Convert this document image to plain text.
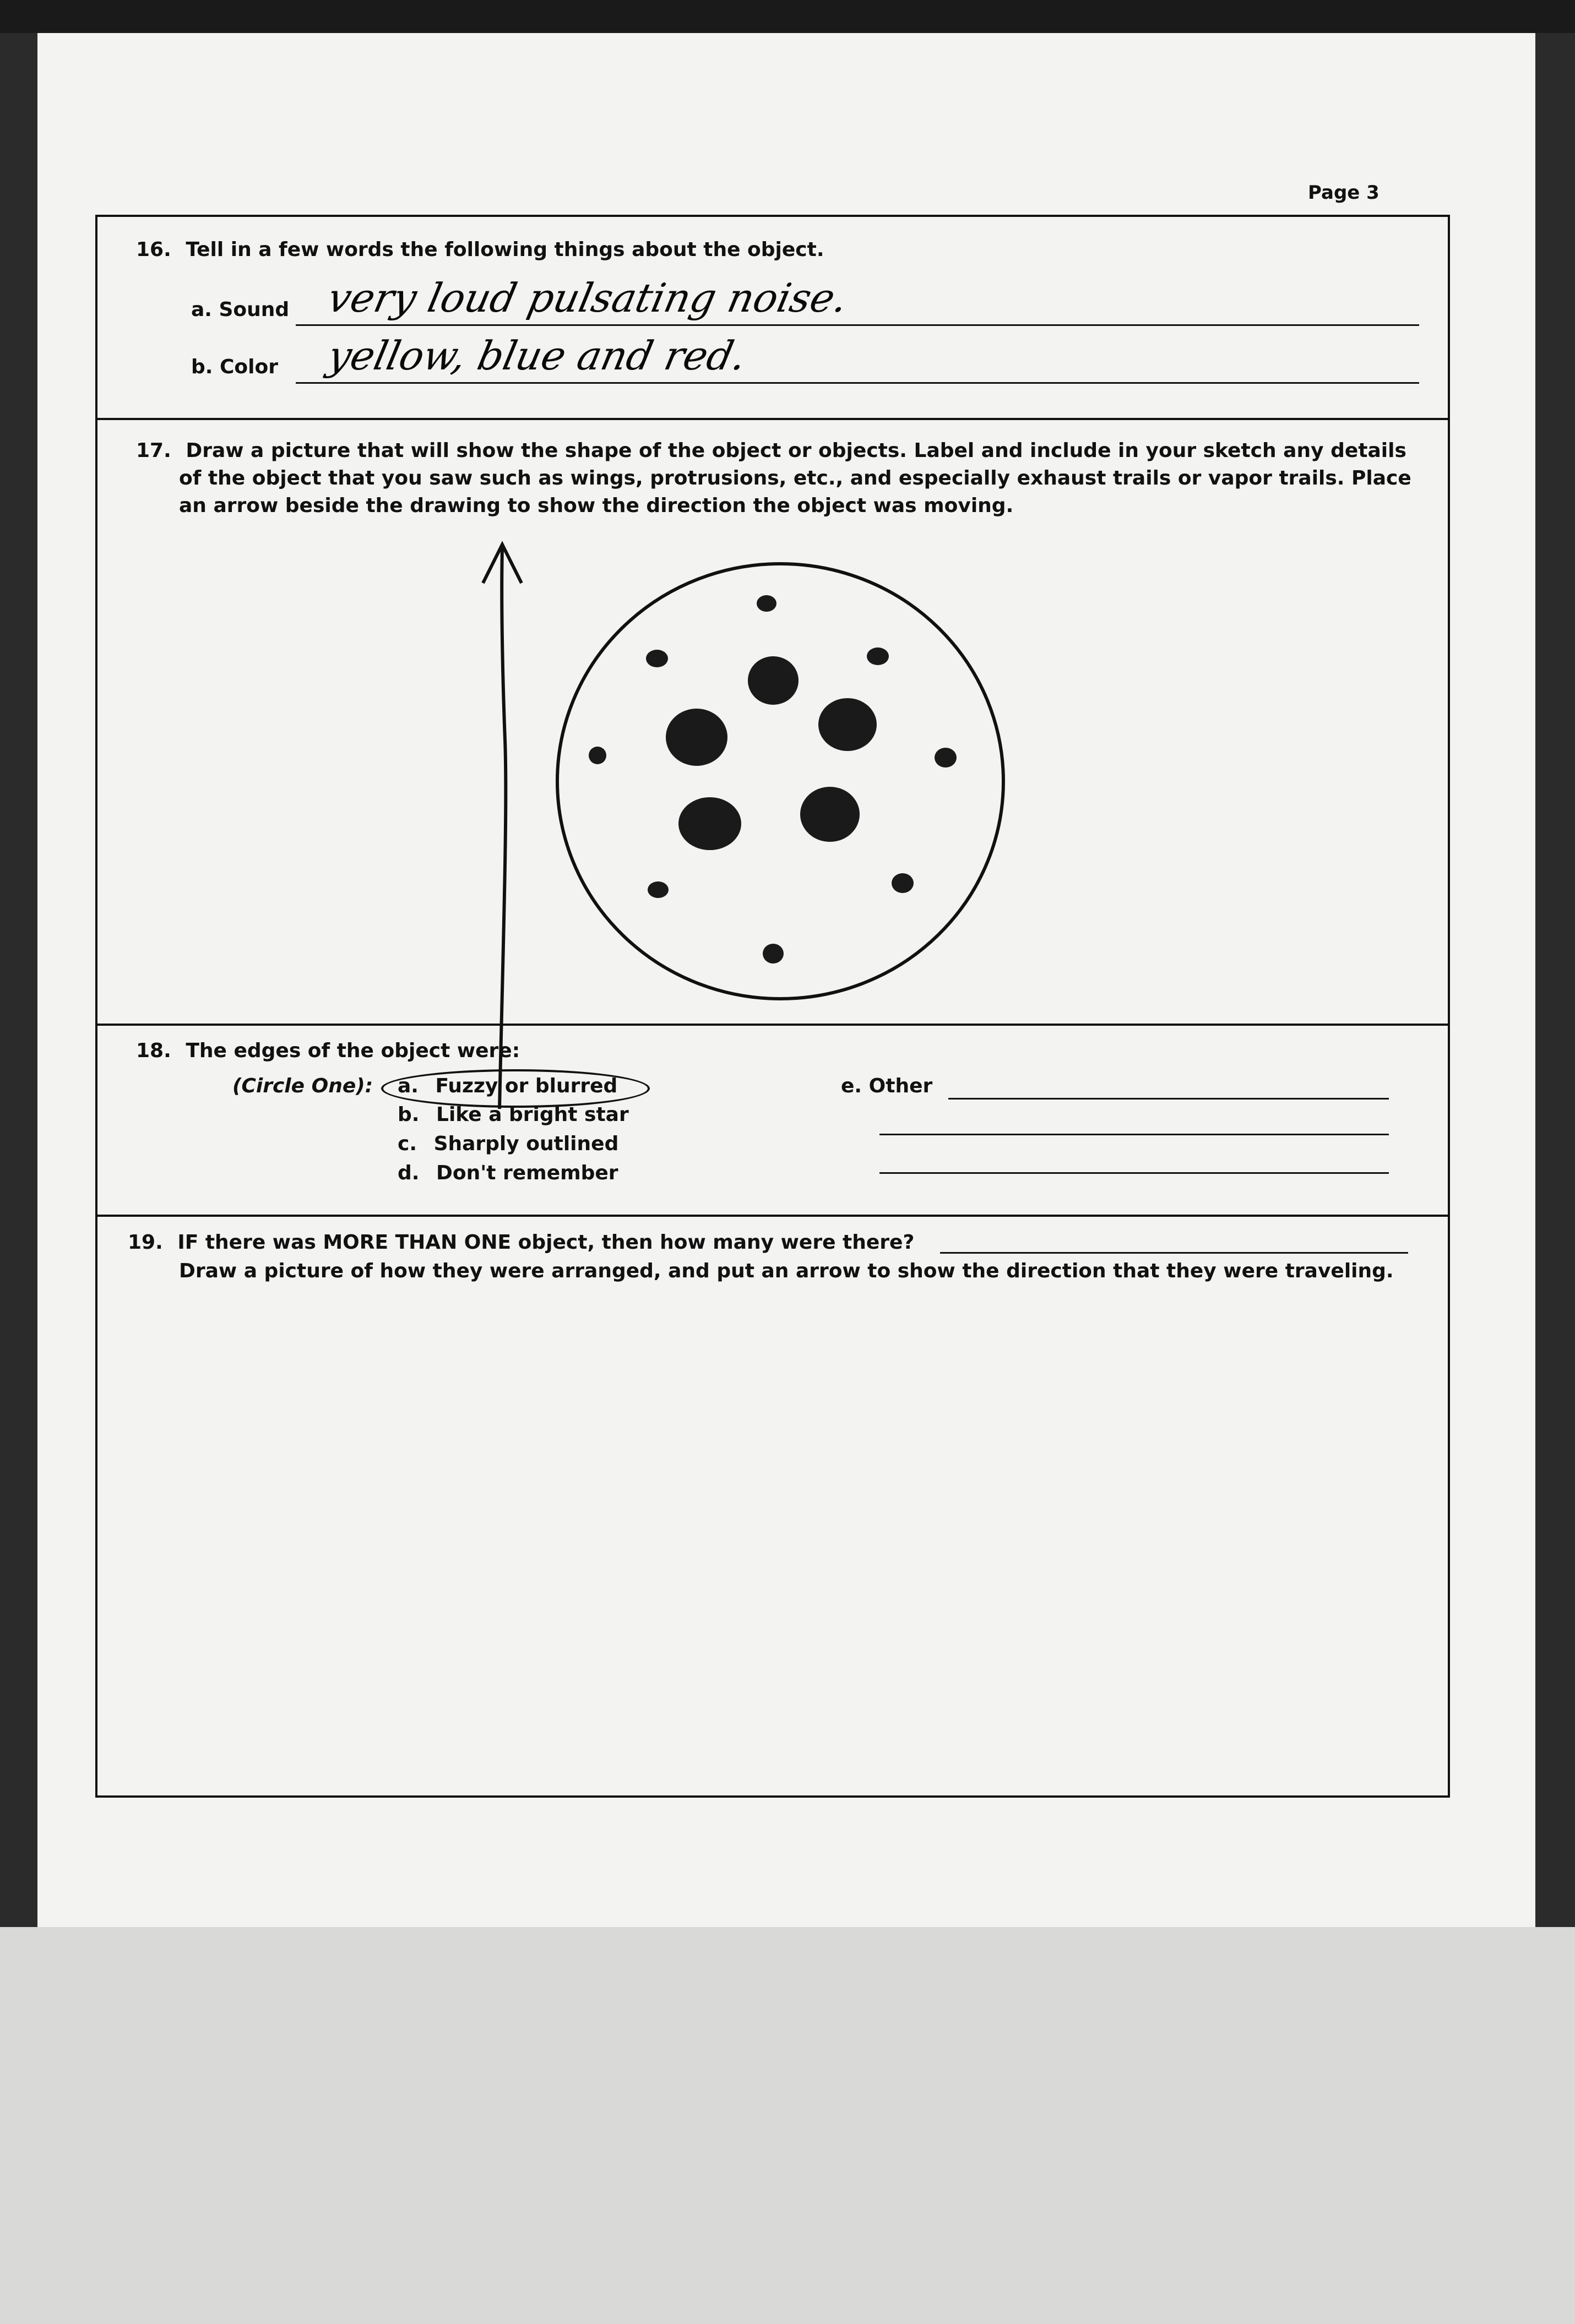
Page 3
16. Tell in a few words the following things about the object.
a. Sound very loud pulsating noise.
b. Color yellow, blue and red.
17. Draw a picture that will show the shape of the object or objects. Label and include in your sketch any details
of the object that you saw such as wings, protrusions, etc., and especially exhaust trails or vapor trails. Place
an arrow beside the drawing to show the direction the object was moving.
18. The edges of the object were:
(Circle One): a. Fuzzy or blurred
b. Like a bright star
c. Sharply outlined
d. Don't remember
e. Other
19. IF there was MORE THAN ONE object, then how many were there?
Draw a picture of how they were arranged, and put an arrow to show the direction that they were traveling.
